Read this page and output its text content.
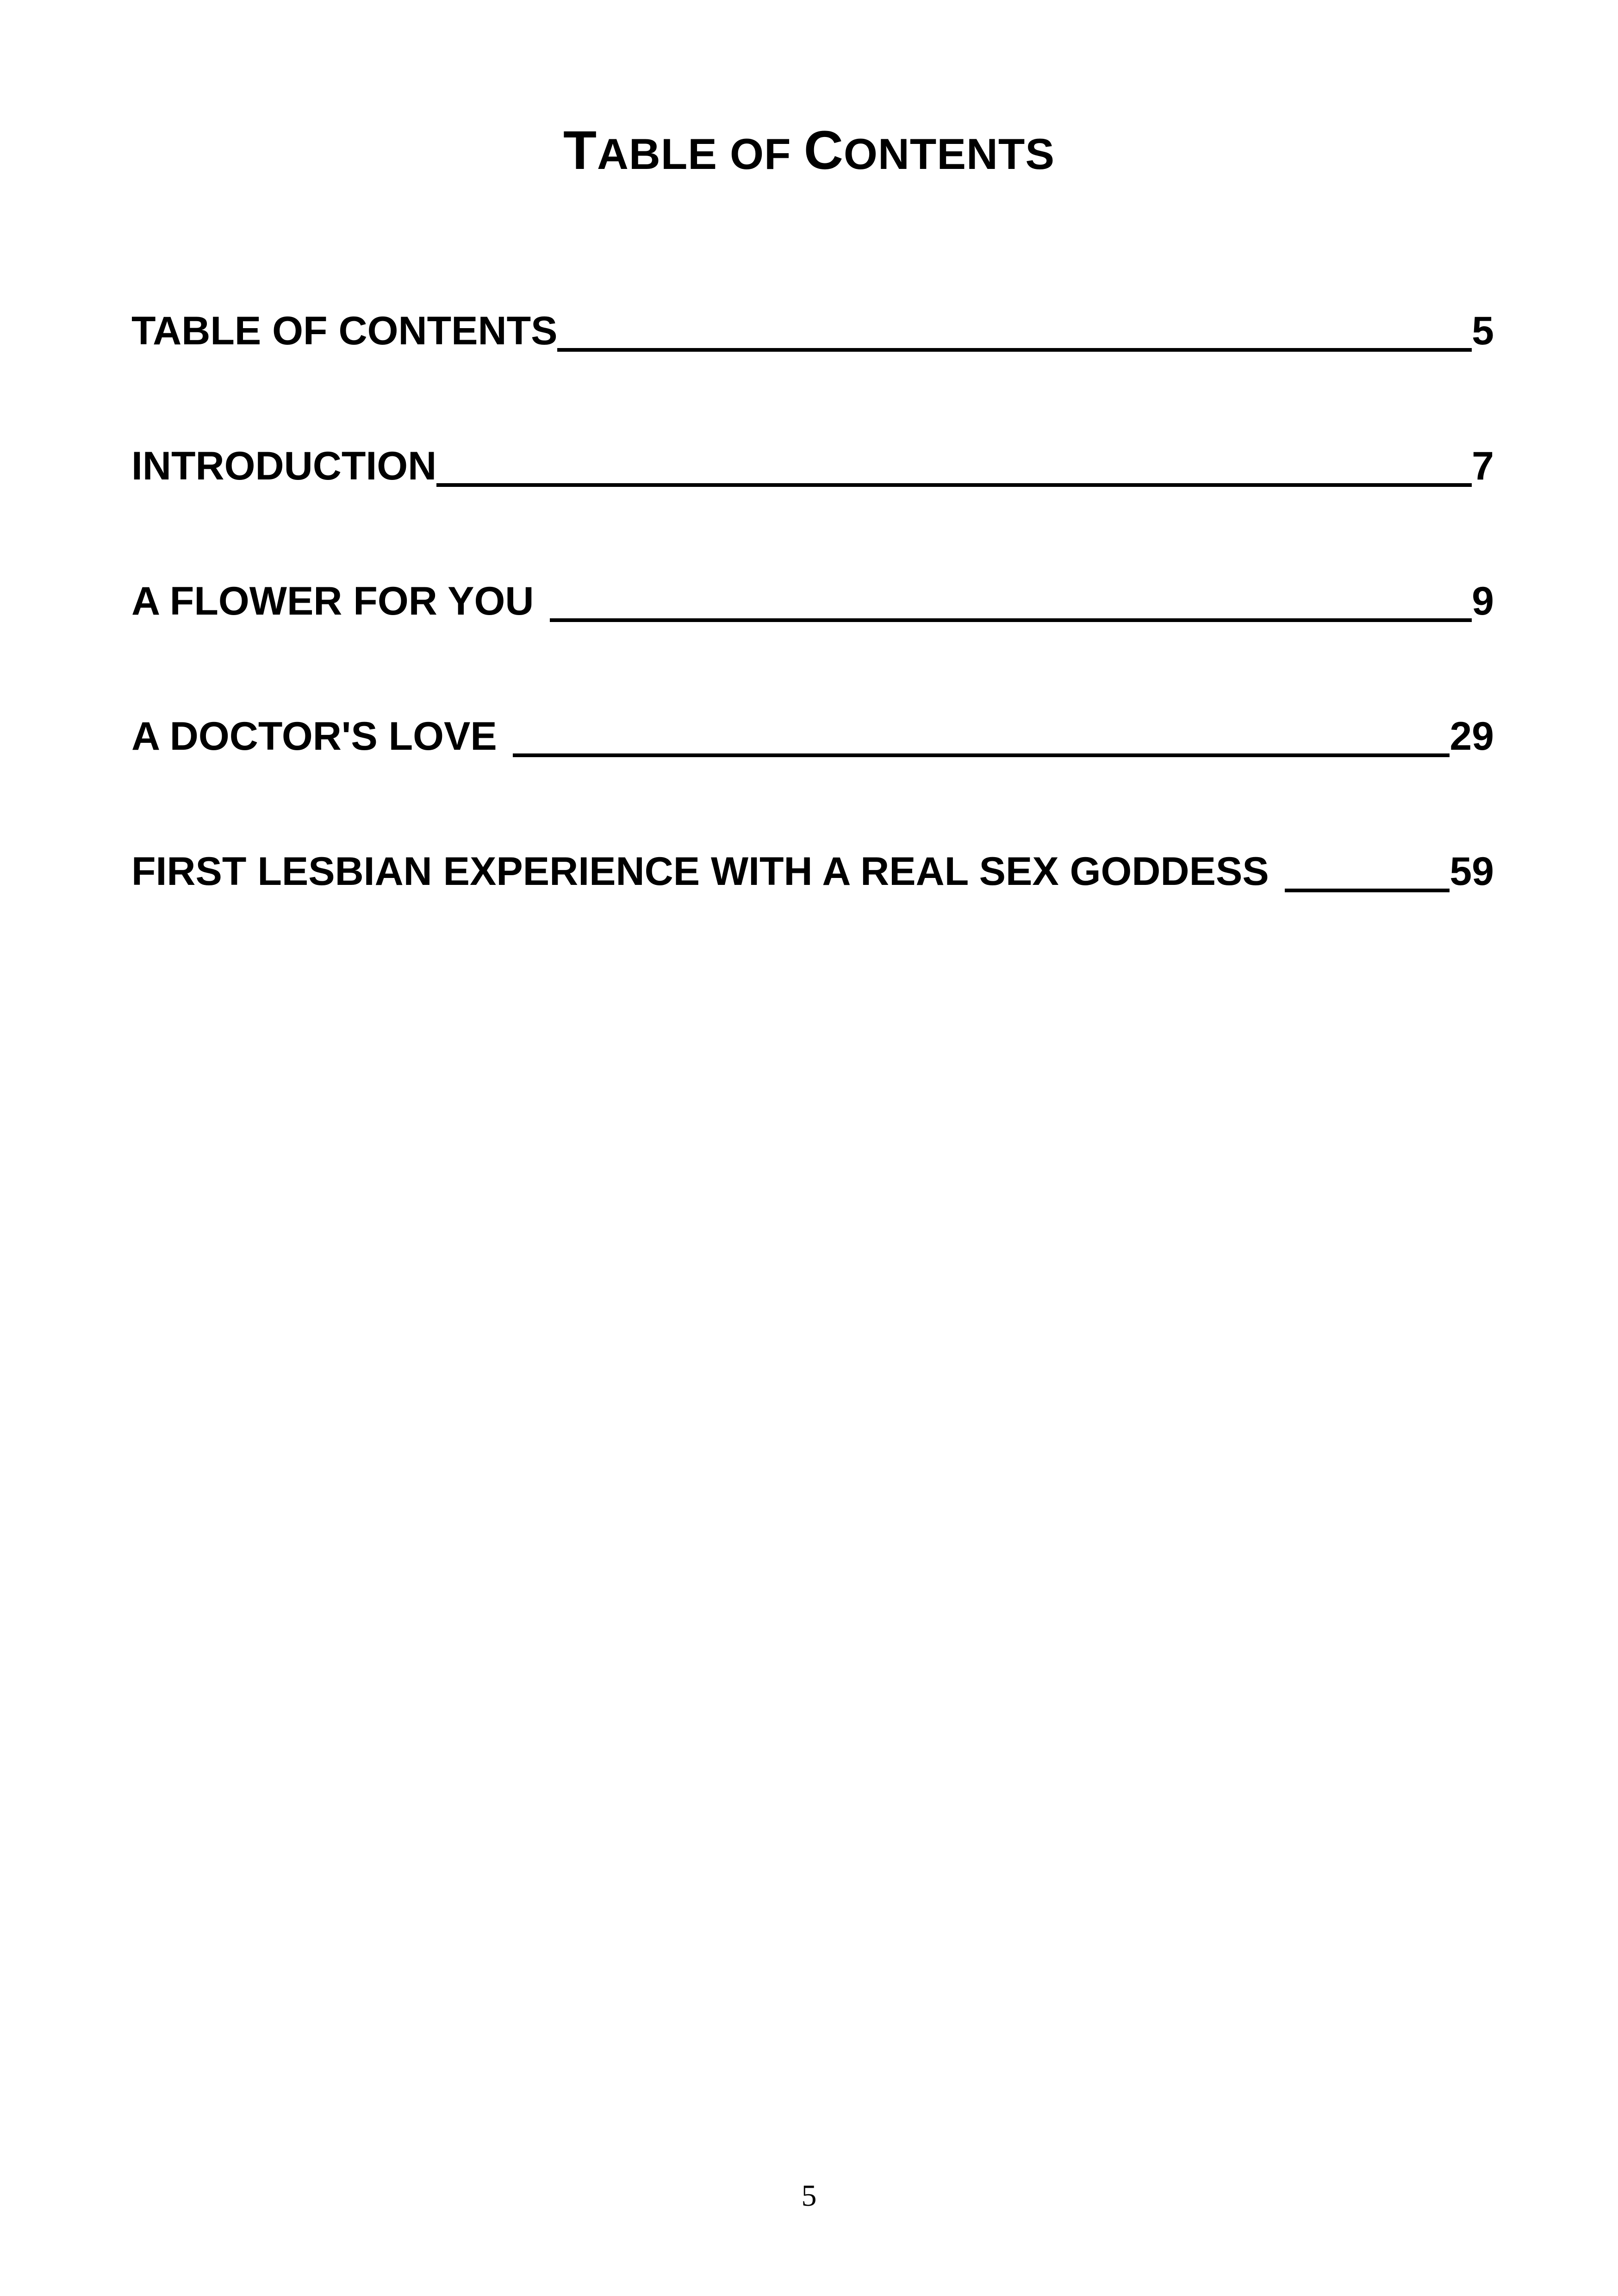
TABLE OF CONTENTS
TABLE OF CONTENTS	5
INTRODUCTION	7
A FLOWER FOR YOU	9
A DOCTOR'S LOVE	29
FIRST LESBIAN EXPERIENCE WITH A REAL SEX GODDESS	59
5
